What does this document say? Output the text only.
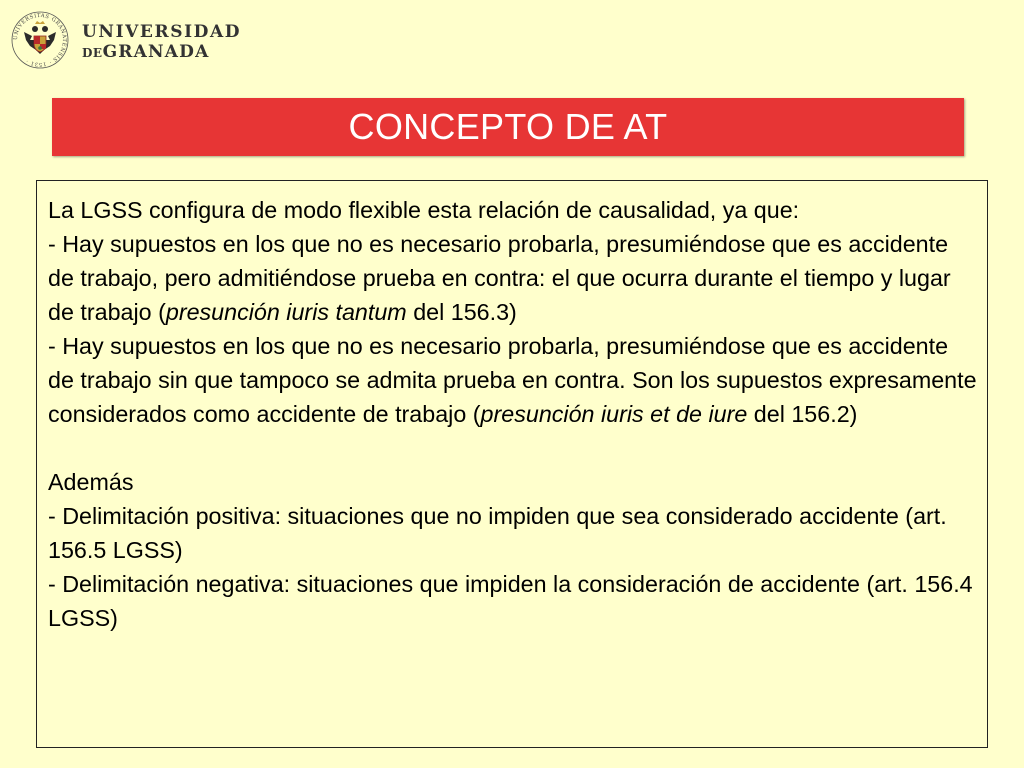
UNIVERSITAS GRANATENSIS · 1531 ·
UNIVERSIDAD
DEGRANADA
CONCEPTO DE AT

La LGSS configura de modo flexible esta relación de causalidad, ya que:

- Hay supuestos en los que no es necesario probarla, presumiéndose que es accidente de trabajo, pero admitiéndose prueba en contra: el que ocurra durante el tiempo y lugar de trabajo (presunción iuris tantum del 156.3)

- Hay supuestos en los que no es necesario probarla, presumiéndose que es accidente de trabajo sin que tampoco se admita prueba en contra. Son los supuestos expresamente considerados como accidente de trabajo (presunción iuris et de iure del 156.2)

Además

- Delimitación positiva: situaciones que no impiden que sea considerado accidente (art. 156.5 LGSS)

- Delimitación negativa: situaciones que impiden la consideración de accidente (art. 156.4 LGSS)
